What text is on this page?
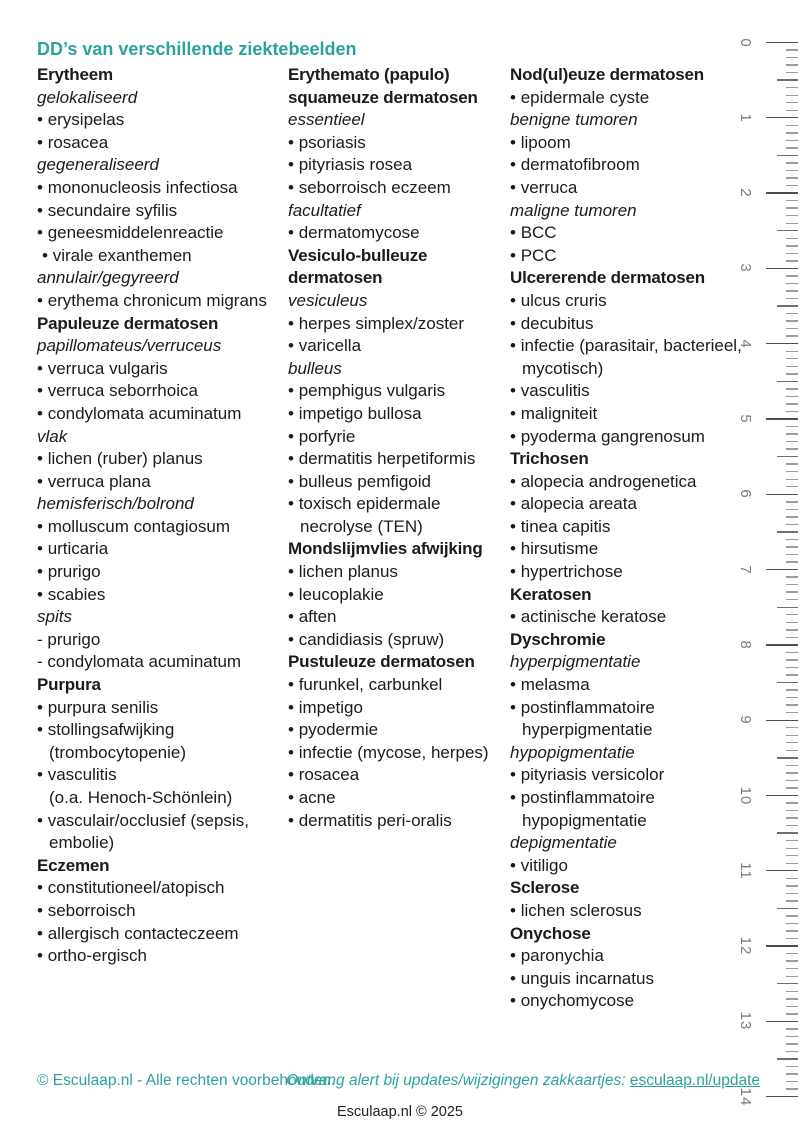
DD’s van verschillende ziektebeelden
Erytheem
gelokaliseerd
• erysipelas
• rosacea
gegeneraliseerd
• mononucleosis infectiosa
• secundaire syfilis
• geneesmiddelenreactie
• virale exanthemen
annulair/gegyreerd
• erythema chronicum migrans
Papuleuze dermatosen
papillomateus/verruceus
• verruca vulgaris
• verruca seborrhoica
• condylomata acuminatum
vlak
• lichen (ruber) planus
• verruca plana
hemisferisch/bolrond
• molluscum contagiosum
• urticaria
• prurigo
• scabies
spits
- prurigo
- condylomata acuminatum
Purpura
• purpura senilis
• stollingsafwijking
(trombocytopenie)
• vasculitis
(o.a. Henoch-Schönlein)
• vasculair/occlusief (sepsis,
embolie)
Eczemen
• constitutioneel/atopisch
• seborroisch
• allergisch contacteczeem
• ortho-ergisch
Erythemato (papulo)
squameuze dermatosen
essentieel
• psoriasis
• pityriasis rosea
• seborroisch eczeem
facultatief
• dermatomycose
Vesiculo-bulleuze
dermatosen
vesiculeus
• herpes simplex/zoster
• varicella
bulleus
• pemphigus vulgaris
• impetigo bullosa
• porfyrie
• dermatitis herpetiformis
• bulleus pemfigoid
• toxisch epidermale
necrolyse (TEN)
Mondslijmvlies afwijking
• lichen planus
• leucoplakie
• aften
• candidiasis (spruw)
Pustuleuze dermatosen
• furunkel, carbunkel
• impetigo
• pyodermie
• infectie (mycose, herpes)
• rosacea
• acne
• dermatitis peri-oralis
Nod(ul)euze dermatosen
• epidermale cyste
benigne tumoren
• lipoom
• dermatofibroom
• verruca
maligne tumoren
• BCC
• PCC
Ulcererende dermatosen
• ulcus cruris
• decubitus
• infectie (parasitair, bacterieel,
mycotisch)
• vasculitis
• maligniteit
• pyoderma gangrenosum
Trichosen
• alopecia androgenetica
• alopecia areata
• tinea capitis
• hirsutisme
• hypertrichose
Keratosen
• actinische keratose
Dyschromie
hyperpigmentatie
• melasma
• postinflammatoire
hyperpigmentatie
hypopigmentatie
• pityriasis versicolor
• postinflammatoire
hypopigmentatie
depigmentatie
• vitiligo
Sclerose
• lichen sclerosus
Onychose
• paronychia
• unguis incarnatus
• onychomycose
0
1
2
3
4
5
6
7
8
9
10
11
12
13
14
© Esculaap.nl - Alle rechten voorbehouden.
Ontvang alert bij updates/wijzigingen zakkaartjes: esculaap.nl/update
Esculaap.nl © 2025
